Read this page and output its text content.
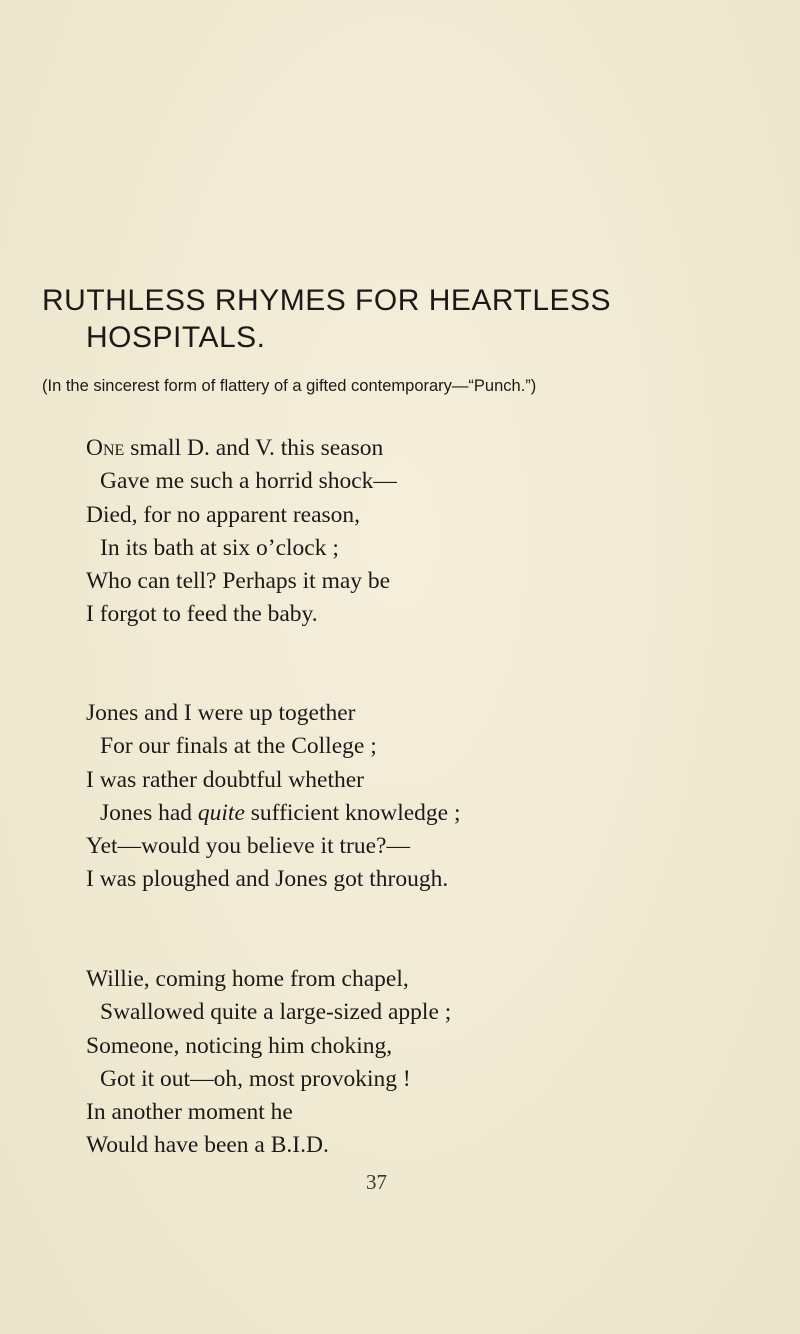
RUTHLESS RHYMES FOR HEARTLESS
HOSPITALS.
(In the sincerest form of flattery of a gifted contemporary—“Punch.”)
One small D. and V. this season
Gave me such a horrid shock—
Died, for no apparent reason,
In its bath at six o’clock ;
Who can tell? Perhaps it may be
I forgot to feed the baby.
Jones and I were up together
For our finals at the College ;
I was rather doubtful whether
Jones had quite sufficient knowledge ;
Yet—would you believe it true?—
I was ploughed and Jones got through.
Willie, coming home from chapel,
Swallowed quite a large-sized apple ;
Someone, noticing him choking,
Got it out—oh, most provoking !
In another moment he
Would have been a B.I.D.
37
